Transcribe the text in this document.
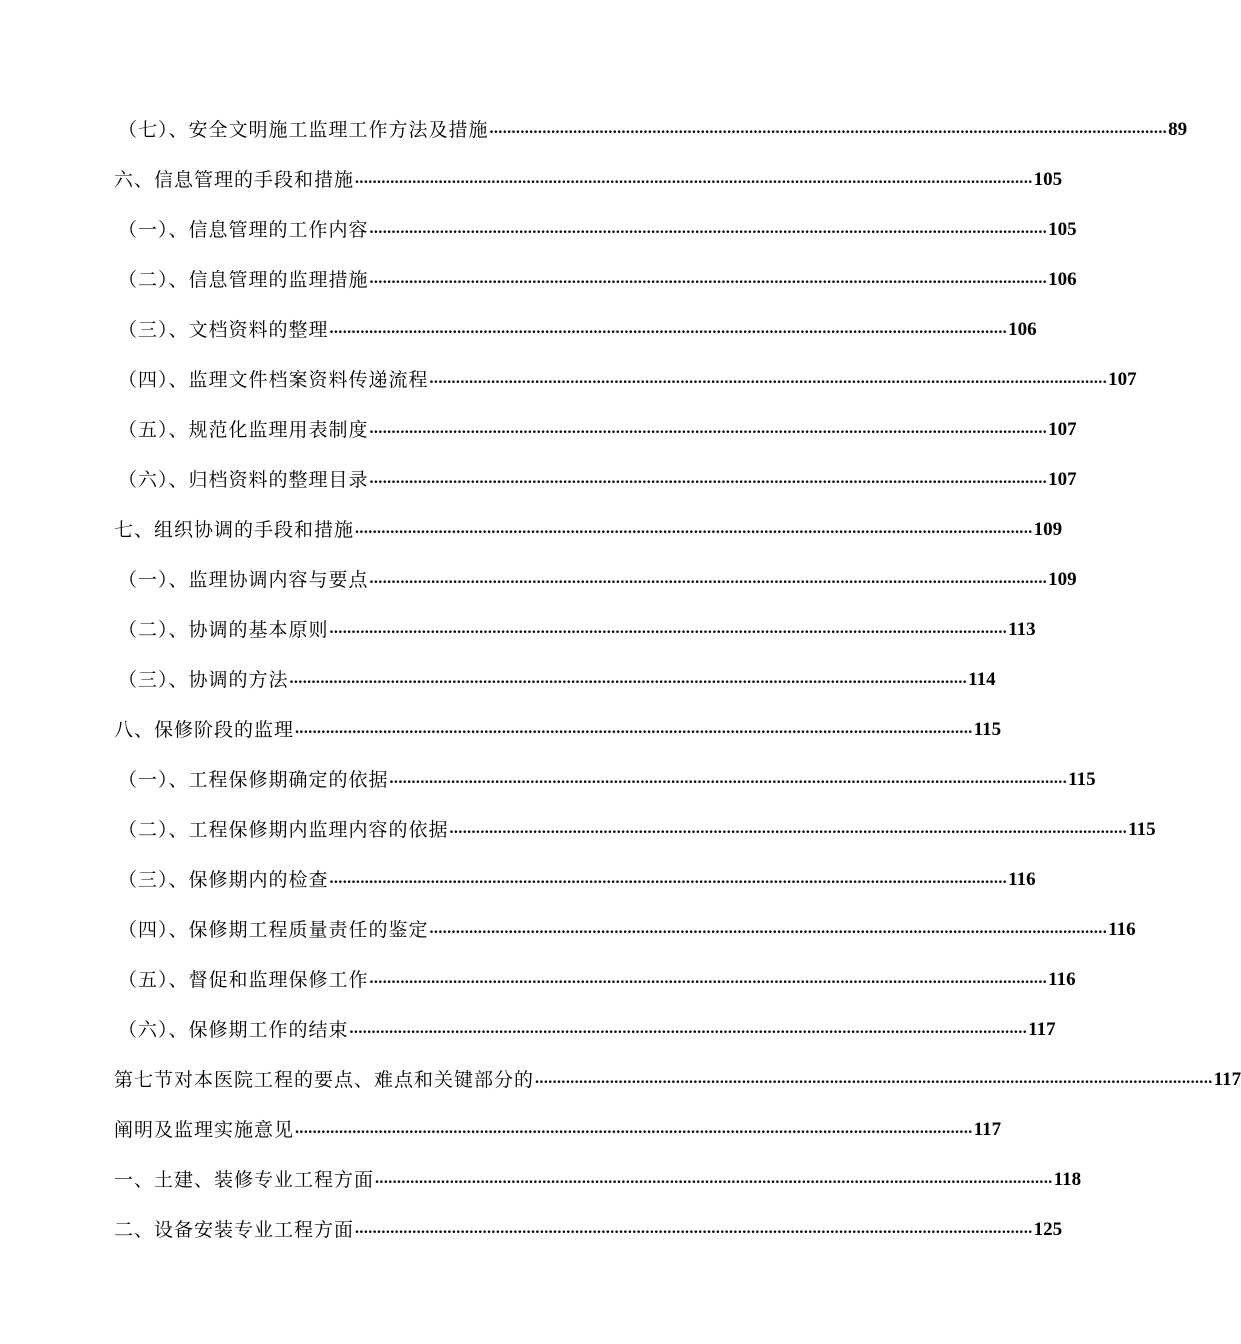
（七）、安全文明施工监理工作方法及措施 .......................................................................................................................................................... 89
六、信息管理的手段和措施 .......................................................................................................................................................... 105
（一）、信息管理的工作内容 .......................................................................................................................................................... 105
（二）、信息管理的监理措施 .......................................................................................................................................................... 106
（三）、文档资料的整理 .......................................................................................................................................................... 106
（四）、监理文件档案资料传递流程 .......................................................................................................................................................... 107
（五）、规范化监理用表制度 .......................................................................................................................................................... 107
（六）、归档资料的整理目录 .......................................................................................................................................................... 107
七、组织协调的手段和措施 .......................................................................................................................................................... 109
（一）、监理协调内容与要点 .......................................................................................................................................................... 109
（二）、协调的基本原则 .......................................................................................................................................................... 113
（三）、协调的方法 .......................................................................................................................................................... 114
八、保修阶段的监理 .......................................................................................................................................................... 115
（一）、工程保修期确定的依据 .......................................................................................................................................................... 115
（二）、工程保修期内监理内容的依据 .......................................................................................................................................................... 115
（三）、保修期内的检查 .......................................................................................................................................................... 116
（四）、保修期工程质量责任的鉴定 .......................................................................................................................................................... 116
（五）、督促和监理保修工作 .......................................................................................................................................................... 116
（六）、保修期工作的结束 .......................................................................................................................................................... 117
第七节 对本医院工程的要点、难点和关键部分的 .......................................................................................................................................................... 117
阐明及监理实施意见 .......................................................................................................................................................... 117
一、土建、装修专业工程方面 .......................................................................................................................................................... 118
二、设备安装专业工程方面 .......................................................................................................................................................... 125
